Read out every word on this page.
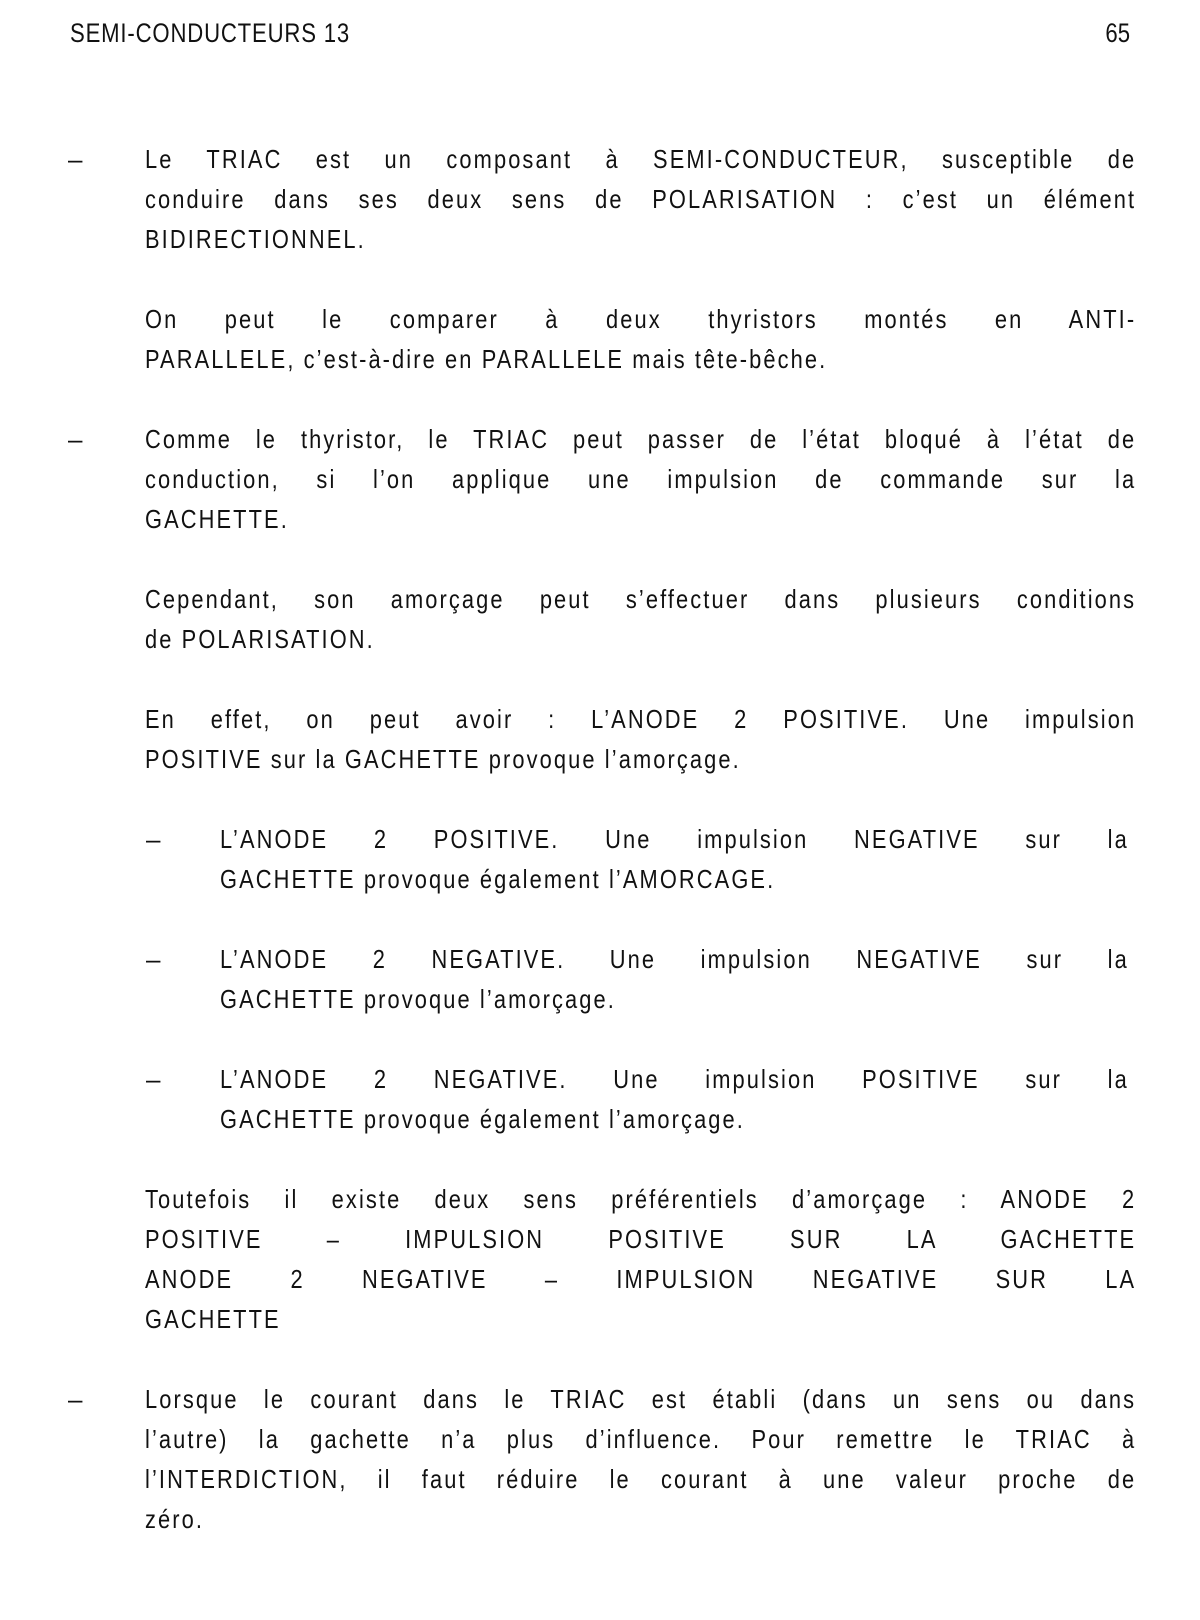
SEMI-CONDUCTEURS 13	65
– Le TRIAC est un composant à SEMI-CONDUCTEUR, susceptible de
conduire dans ses deux sens de POLARISATION : c’est un élément
BIDIRECTIONNEL.
On peut le comparer à deux thyristors montés en ANTI-
PARALLELE, c’est-à-dire en PARALLELE mais tête-bêche.
– Comme le thyristor, le TRIAC peut passer de l’état bloqué à l’état de
conduction, si l’on applique une impulsion de commande sur la
GACHETTE.
Cependant, son amorçage peut s’effectuer dans plusieurs conditions
de POLARISATION.
En effet, on peut avoir : L’ANODE 2 POSITIVE. Une impulsion
POSITIVE sur la GACHETTE provoque l’amorçage.
– L’ANODE 2 POSITIVE. Une impulsion NEGATIVE sur la
GACHETTE provoque également l’AMORCAGE.
– L’ANODE 2 NEGATIVE. Une impulsion NEGATIVE sur la
GACHETTE provoque l’amorçage.
– L’ANODE 2 NEGATIVE. Une impulsion POSITIVE sur la
GACHETTE provoque également l’amorçage.
Toutefois il existe deux sens préférentiels d’amorçage : ANODE 2
POSITIVE – IMPULSION POSITIVE SUR LA GACHETTE
ANODE 2 NEGATIVE – IMPULSION NEGATIVE SUR LA
GACHETTE
– Lorsque le courant dans le TRIAC est établi (dans un sens ou dans
l’autre) la gachette n’a plus d’influence. Pour remettre le TRIAC à
l’INTERDICTION, il faut réduire le courant à une valeur proche de
zéro.
